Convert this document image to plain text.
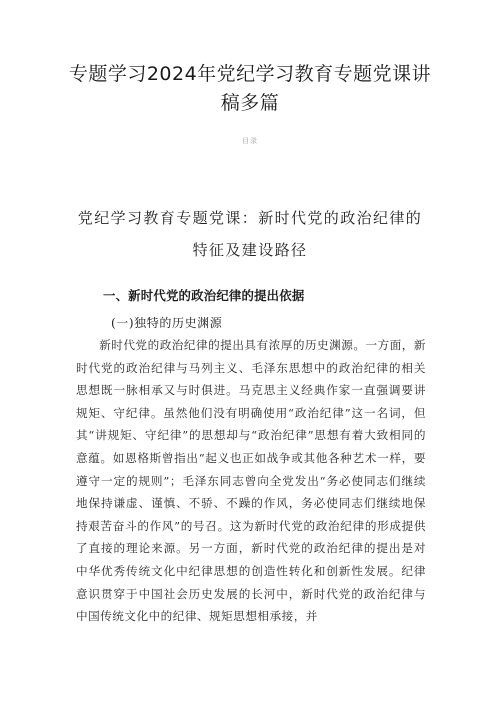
专题学习2024年党纪学习教育专题党课讲稿多篇
目录
党纪学习教育专题党课：新时代党的政治纪律的特征及建设路径
一、新时代党的政治纪律的提出依据
(一)独特的历史渊源

新时代党的政治纪律的提出具有浓厚的历史渊源。一方面，新时代党的政治纪律与马列主义、毛泽东思想中的政治纪律的相关思想既一脉相承又与时俱进。马克思主义经典作家一直强调要讲规矩、守纪律。虽然他们没有明确使用“政治纪律”这一名词，但其“讲规矩、守纪律”的思想却与“政治纪律”思想有着大致相同的意蕴。如恩格斯曾指出“起义也正如战争或其他各种艺术一样，要遵守一定的规则”；毛泽东同志曾向全党发出“务必使同志们继续地保持谦虚、谨慎、不骄、不躁的作风，务必使同志们继续地保持艰苦奋斗的作风”的号召。这为新时代党的政治纪律的形成提供了直接的理论来源。另一方面，新时代党的政治纪律的提出是对中华优秀传统文化中纪律思想的创造性转化和创新性发展。纪律意识贯穿于中国社会历史发展的长河中，新时代党的政治纪律与中国传统文化中的纪律、规矩思想相承接，并
